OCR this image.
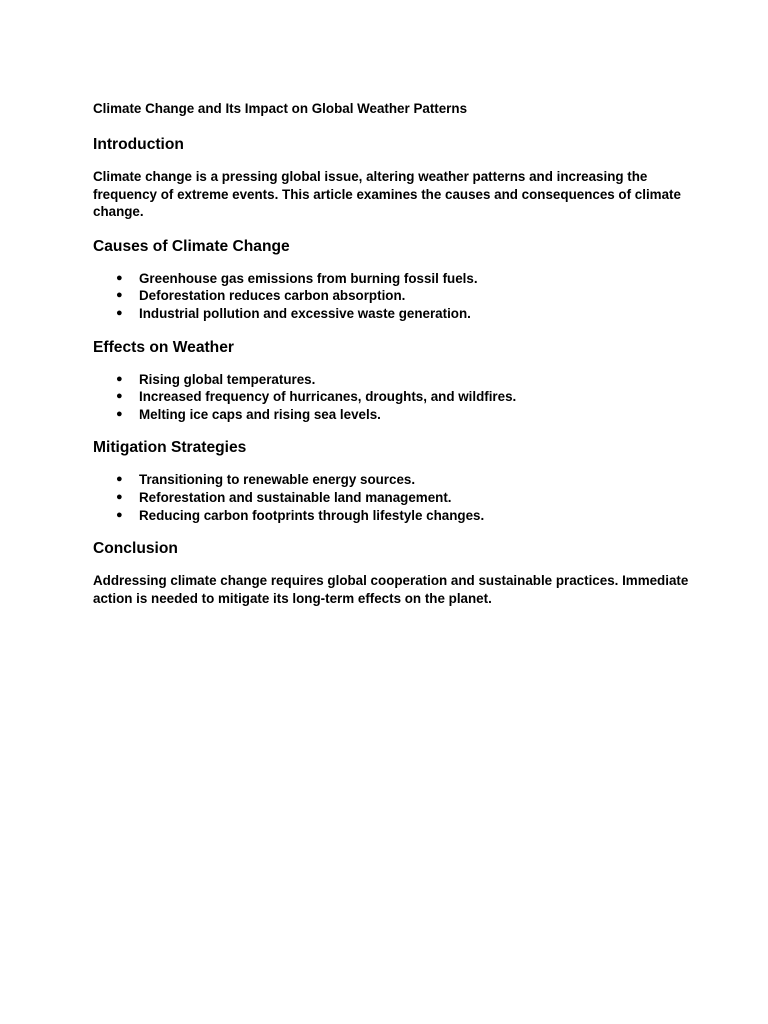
Climate Change and Its Impact on Global Weather Patterns
Introduction
Climate change is a pressing global issue, altering weather patterns and increasing the frequency of extreme events. This article examines the causes and consequences of climate change.
Causes of Climate Change
● Greenhouse gas emissions from burning fossil fuels.
● Deforestation reduces carbon absorption.
● Industrial pollution and excessive waste generation.
Effects on Weather
● Rising global temperatures.
● Increased frequency of hurricanes, droughts, and wildfires.
● Melting ice caps and rising sea levels.
Mitigation Strategies
● Transitioning to renewable energy sources.
● Reforestation and sustainable land management.
● Reducing carbon footprints through lifestyle changes.
Conclusion
Addressing climate change requires global cooperation and sustainable practices. Immediate action is needed to mitigate its long-term effects on the planet.
